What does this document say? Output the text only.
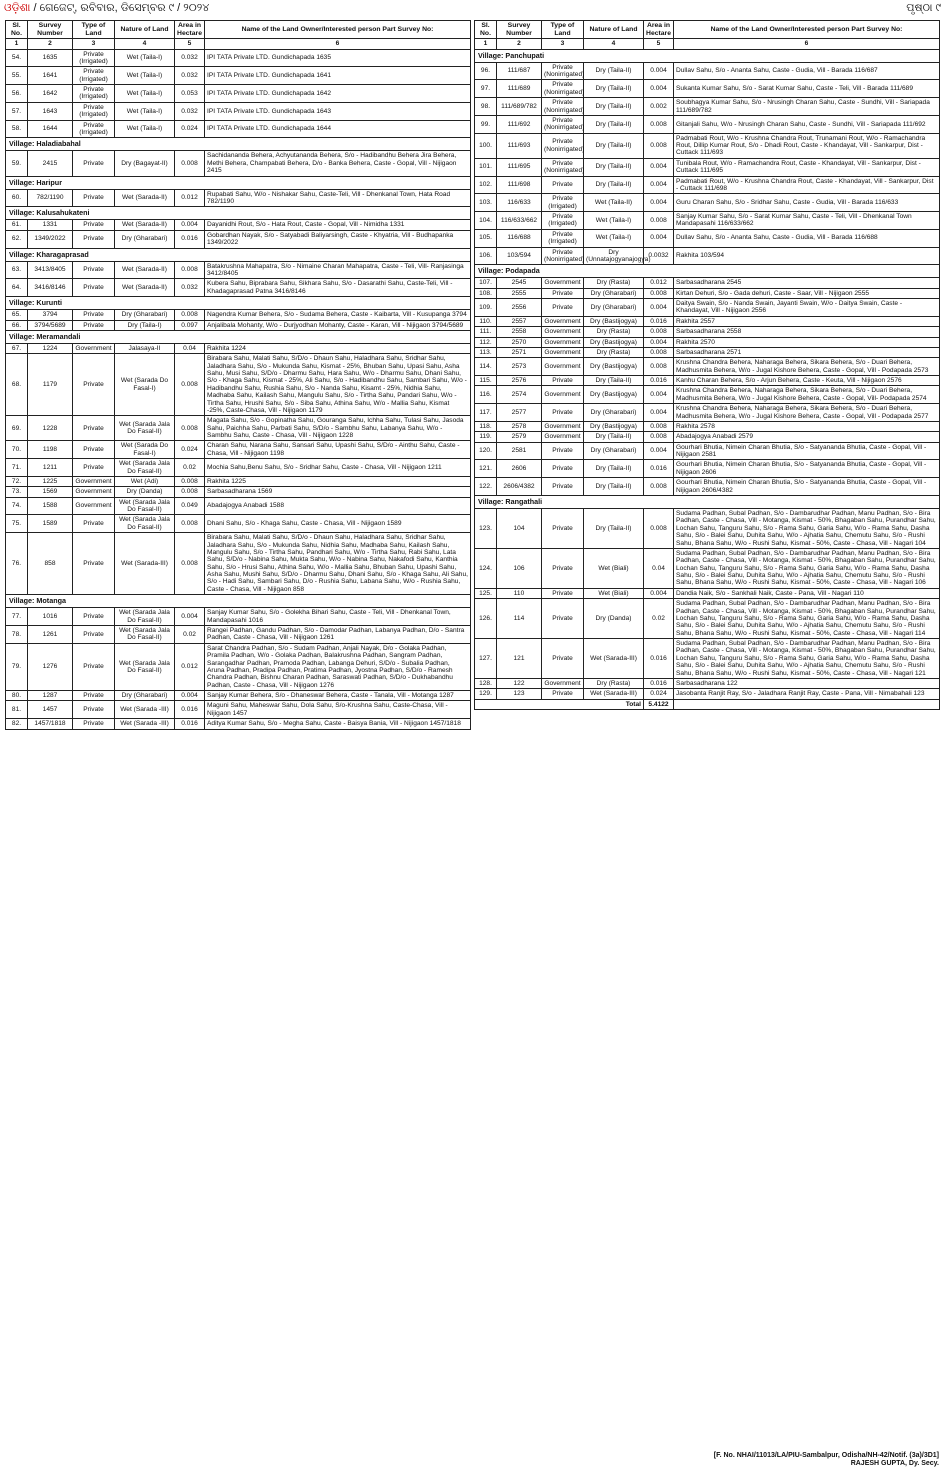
ଓଡ଼ିଶା / ଗେଜେଟ୍, ରବିବାର, ଡିସେମ୍ବର ୯ / ୨୦୨୪	ପୃଷ୍ଠା ୯
Sl. No.	Survey Number	Type of Land	Nature of Land	Area in Hectare	Name of the Land Owner/Interested person Part Survey No:
1	2	3	4	5	6
54.	1635	Private (Irrigated)	Wet (Taila-I)	0.032	IPI TATA Private LTD. Gundichapada 1635
55.	1641	Private (Irrigated)	Wet (Taila-I)	0.032	IPI TATA Private LTD. Gundichapada 1641
56.	1642	Private (Irrigated)	Wet (Taila-I)	0.053	IPI TATA Private LTD. Gundichapada 1642
57.	1643	Private (Irrigated)	Wet (Taila-I)	0.032	IPI TATA Private LTD. Gundichapada 1643
58.	1644	Private (Irrigated)	Wet (Taila-I)	0.024	IPI TATA Private LTD. Gundichapada 1644
Village: Haladiabahal					
59.	2415	Private	Dry (Bagayat-II)	0.008	Sachidananda Behera, Achyutananda Behera, S/o - Hadibandhu Behera Jira Behera, Methi Behera, Champabati Behera, D/o - Banka Behera, Caste - Gopal, Vill - Nijigaon 2415
Village: Haripur					
60.	782/1190	Private	Wet (Sarada-II)	0.012	Rupabati Sahu, W/o - Nishakar Sahu, Caste-Teli, Vill - Dhenkanal Town, Hata Road 782/1190
Village: Kalusahukateni					
61.	1331	Private	Wet (Sarada-II)	0.004	Dayanidhi Rout, S/o - Hata Rout, Caste - Gopal, Vill - Nimidha 1331
62.	1349/2022	Private	Dry (Gharabari)	0.016	Gobardhan Nayak, S/o - Satyabadi Baliyarsingh, Caste - Khyatria, Vill - Budhapanka 1349/2022
Village: Kharagaprasad					
63.	3413/8405	Private	Wet (Sarada-II)	0.008	Batakrushna Mahapatra, S/o - Nimaine Charan Mahapatra, Caste - Teli, Vill- Ranjasinga 3412/8405
64.	3416/8146	Private	Wet (Sarada-II)	0.032	Kubera Sahu, Biprabara Sahu, Sikhara Sahu, S/o - Dasarathi Sahu, Caste-Teli, Vill - Khadagaprasad Patna 3416/8146
Village: Kurunti					
65.	3794	Private	Dry (Gharabari)	0.008	Nagendra Kumar Behera, S/o - Sudama Behera, Caste - Kaibarta, Vill - Kusupanga 3794
66.	3794/5689	Private	Dry (Taila-I)	0.097	Anjalibala Mohanty, W/o - Durjyodhan Mohanty, Caste - Karan, Vill - Nijigaon 3794/5689
Village: Meramandali					
67.	1224	Government	Jalasaya-II	0.04	Rakhita 1224
68.	1179	Private	Wet (Sarada Do Fasal-I)	0.008	Birabara Sahu, Malati Sahu, S/D/o - Dhaun Sahu, Haladhara Sahu, Sridhar Sahu, Jaladhara Sahu, S/o - Mukunda Sahu, Kismat - 25%, Bhuban Sahu, Upasi Sahu, Asha Sahu, Musi Sahu, S/D/o - Dharmu Sahu, Hara Sahu, W/o - Dharmu Sahu, Dhani Sahu, S/o - Khaga Sahu, Kismat - 25%, Ali Sahu, S/o - Hadibandhu Sahu, Sambari Sahu, W/o - Hadibandhu Sahu, Rushia Sahu, S/o - Nanda Sahu, Kisamt - 25%, Nidhia Sahu, Madhaba Sahu, Kailash Sahu, Mangulu Sahu, S/o - Tirtha Sahu, Pandari Sahu, W/o - Tirtha Sahu, Hrushi Sahu, S/o - Siba Sahu, Athina Sahu, W/o - Mallia Sahu, Kismat -25%, Caste-Chasa, Vill - Nijigaon 1179
69.	1228	Private	Wet (Sarada Jala Do Fasal-II)	0.008	Magata Sahu, S/o - Gopinatha Sahu, Gouranga Sahu, Ichha Sahu, Tulasi Sahu, Jasoda Sahu, Paichha Sahu, Parbati Sahu, S/D/o - Sambhu Sahu, Labanya Sahu, W/o - Sambhu Sahu, Caste - Chasa, Vill - Nijigaon 1228
70.	1198	Private	Wet (Sarada Do Fasal-I)	0.024	Charan Sahu, Narana Sahu, Sansari Sahu, Upashi Sahu, S/D/o - Ainthu Sahu, Caste - Chasa, Vill - Nijigaon 1198
71.	1211	Private	Wet (Sarada Jala Do Fasal-II)	0.02	Mochia Sahu,Benu Sahu, S/o - Sridhar Sahu, Caste - Chasa, Vill - Nijigaon 1211
72.	1225	Government	Wet (Adi)	0.008	Rakhita 1225
73.	1569	Government	Dry (Danda)	0.008	Sarbasadharana 1569
74.	1588	Government	Wet (Sarada Jala Do Fasal-II)	0.049	Abadajogya Anabadi 1588
75.	1589	Private	Wet (Sarada Jala Do Fasal-II)	0.008	Dhani Sahu, S/o - Khaga Sahu, Caste - Chasa, Vill - Nijigaon 1589
76.	858	Private	Wet (Sarada-III)	0.008	Birabara Sahu, Malati Sahu, S/D/o - Dhaun Sahu, Haladhara Sahu, Sridhar Sahu, Jaladhara Sahu, S/o - Mukunda Sahu, Nidhia Sahu, Madhaba Sahu, Kailash Sahu, Mangulu Sahu, S/o - Tirtha Sahu, Pandhari Sahu, W/o - Tirtha Sahu, Rabi Sahu, Lata Sahu, S/D/o - Nabina Sahu, Mukta Sahu, W/o - Nabina Sahu, Nakafodi Sahu, Kanthia Sahu, S/o - Hrusi Sahu, Athina Sahu, W/o - Mallia Sahu, Bhuban Sahu, Upashi Sahu, Asha Sahu, Mushi Sahu, S/D/o - Dharmu Sahu, Dhani Sahu, S/o - Khaga Sahu, Ali Sahu, S/o - Hadi Sahu, Sambari Sahu, D/o - Rushia Sahu, Labana Sahu, W/o - Rushia Sahu, Caste - Chasa, Vill - Nijigaon 858
Village: Motanga					
77.	1016	Private	Wet (Sarada Jala Do Fasal-II)	0.004	Sanjay Kumar Sahu, S/o - Golekha Bihari Sahu, Caste - Teli, Vill - Dhenkanal Town, Mandapasahi 1016
78.	1261	Private	Wet (Sarada Jala Do Fasal-II)	0.02	Rangei Padhan, Gandu Padhan, S/o - Damodar Padhan, Labanya Padhan, D/o - Santra Padhan, Caste - Chasa, Vill - Nijigaon 1261
79.	1276	Private	Wet (Sarada Jala Do Fasal-II)	0.012	Sarat Chandra Padhan, S/o - Sudam Padhan, Anjali Nayak, D/o - Golaka Padhan, Pramila Padhan, W/o - Golaka Padhan, Balakrushna Padhan, Sangram Padhan, Sarangadhar Padhan, Pramoda Padhan, Labanga Dehuri, S/D/o - Subalia Padhan, Aruna Padhan, Pradipa Padhan, Pratima Padhan, Jyostna Padhan, S/D/o - Ramesh Chandra Padhan, Bishnu Charan Padhan, Saraswati Padhan, S/D/o - Dukhabandhu Padhan, Caste - Chasa, Vill - Nijigaon 1276
80.	1287	Private	Dry (Gharabari)	0.004	Sanjay Kumar Behera, S/o - Dhaneswar Behera, Caste - Tanala, Vill - Motanga 1287
81.	1457	Private	Wet (Sarada -III)	0.016	Maguni Sahu, Maheswar Sahu, Dola Sahu, S/o-Krushna Sahu, Caste-Chasa, Vill - Nijigaon 1457
82.	1457/1818	Private	Wet (Sarada -III)	0.016	Aditya Kumar Sahu, S/o - Megha Sahu, Caste - Baisya Bania, Vill - Nijigaon 1457/1818
Sl. No.	Survey Number	Type of Land	Nature of Land	Area in Hectare	Name of the Land Owner/Interested person Part Survey No:
1	2	3	4	5	6
Village: Panchupati					
96.	111/687	Private (Nonirrigated)	Dry (Taila-II)	0.004	Dullav Sahu, S/o - Ananta Sahu, Caste - Gudia, Vill - Barada 116/687
97.	111/689	Private (Nonirrigated)	Dry (Taila-II)	0.004	Sukanta Kumar Sahu, S/o - Sarat Kumar Sahu, Caste - Teli, Vill - Barada 111/689
98.	111/689/782	Private (Nonirrigated)	Dry (Taila-II)	0.002	Soubhagya Kumar Sahu, S/o - Nrusingh Charan Sahu, Caste - Sundhi, Vill - Sariapada 111/689/782
99.	111/692	Private (Nonirrigated)	Dry (Taila-II)	0.008	Gitanjali Sahu, W/o - Nrusingh Charan Sahu, Caste - Sundhi, Vill - Sariapada 111/692
100.	111/693	Private (Nonirrigated)	Dry (Taila-II)	0.008	Padmabati Rout, W/o - Krushna Chandra Rout, Trunamani Rout, W/o - Ramachandra Rout, Dillip Kumar Rout, S/o - Dhadi Rout, Caste - Khandayat, Vill - Sankarpur, Dist - Cuttack 111/693
101.	111/695	Private (Nonirrigated)	Dry (Taila-II)	0.004	Tunibala Rout, W/o - Ramachandra Rout, Caste - Khandayat, Vill - Sankarpur, Dist - Cuttack 111/695
102.	111/698	Private	Dry (Taila-II)	0.004	Padmabati Rout, W/o - Krushna Chandra Rout, Caste - Khandayat, Vill - Sankarpur, Dist - Cuttack 111/698
103.	116/633	Private (Irrigated)	Wet (Taila-II)	0.004	Guru Charan Sahu, S/o - Sridhar Sahu, Caste - Gudia, Vill - Barada 116/633
104.	116/633/662	Private (Irrigated)	Wet (Taila-I)	0.008	Sanjay Kumar Sahu, S/o - Sarat Kumar Sahu, Caste - Teli, Vill - Dhenkanal Town Mandapasahi 116/633/662
105.	116/688	Private (Irrigated)	Wet (Taila-I)	0.004	Dullav Sahu, S/o - Ananta Sahu, Caste - Gudia, Vill - Barada 116/688
106.	103/594	Private (Nonirrigated)	Dry (Unnatajogyanajogya)	0.0032	Rakhita 103/594
Village: Podapada					
107.	2545	Government	Dry (Rasta)	0.012	Sarbasadharana 2545
108.	2555	Private	Dry (Gharabari)	0.008	Kirtan Dehuri, S/o - Gada dehuri, Caste - Saar, Vill - Nijigaon 2555
109.	2556	Private	Dry (Gharabari)	0.004	Daitya Swain, S/o - Nanda Swain, Jayanti Swain, W/o - Daitya Swain, Caste - Khandayat, Vill - Nijigaon 2556
110.	2557	Government	Dry (Bastijogya)	0.016	Rakhita 2557
111.	2558	Government	Dry (Rasta)	0.008	Sarbasadharana 2558
112.	2570	Government	Dry (Bastijogya)	0.004	Rakhita 2570
113.	2571	Government	Dry (Rasta)	0.008	Sarbasadharana 2571
114.	2573	Government	Dry (Bastijogya)	0.008	Krushna Chandra Behera, Naharaga Behera, Sikara Behera, S/o - Duari Behera, Madhusmita Behera, W/o - Jugal Kishore Behera, Caste - Gopal, Vill - Podapada 2573
115.	2576	Private	Dry (Taila-II)	0.016	Kanhu Charan Behera, S/o - Arjun Behera, Caste - Keuta, Vill - Nijigaon 2576
116.	2574	Government	Dry (Bastijogya)	0.004	Krushna Chandra Behera, Naharaga Behera, Sikara Behera, S/o - Duari Behera, Madhusmita Behera, W/o - Jugal Kishore Behera, Caste - Gopal, Vill- Podapada 2574
117.	2577	Private	Dry (Gharabari)	0.004	Krushna Chandra Behera, Naharaga Behera, Sikara Behera, S/o - Duari Behera, Madhusmita Behera, W/o - Jugal Kishore Behera, Caste - Gopal, Vill - Podapada 2577
118.	2578	Government	Dry (Bastijogya)	0.008	Rakhita 2578
119.	2579	Government	Dry (Taila-II)	0.008	Abadajogya Anabadi 2579
120.	2581	Private	Dry (Gharabari)	0.004	Gourhari Bhutia, Nimein Charan Bhutia, S/o - Satyananda Bhutia, Caste - Gopal, Vill - Nijigaon 2581
121.	2606	Private	Dry (Taila-II)	0.016	Gourhari Bhutia, Nimein Charan Bhutia, S/o - Satyananda Bhutia, Caste - Gopal, Vill - Nijigaon 2606
122.	2606/4382	Private	Dry (Taila-II)	0.008	Gourhari Bhutia, Nimein Charan Bhutia, S/o - Satyananda Bhutia, Caste - Gopal, Vill - Nijigaon 2606/4382
Village: Rangathali					
123.	104	Private	Dry (Taila-II)	0.008	Sudama Padhan, Subal Padhan, S/o - Dambarudhar Padhan, Manu Padhan, S/o - Bira Padhan, Caste - Chasa, Vill - Motanga, Kismat - 50%, Bhagaban Sahu, Purandhar Sahu, Lochan Sahu, Tanguru Sahu, S/o - Rama Sahu, Garia Sahu, W/o - Rama Sahu, Dasha Sahu, S/o - Balei Sahu, Duhita Sahu, W/o - Ajhatia Sahu, Chemutu Sahu, S/o - Rushi Sahu, Bhana Sahu, W/o - Rushi Sahu, Kismat - 50%, Caste - Chasa, Vill - Nagari 104
124.	106	Private	Wet (Biali)	0.04	Sudama Padhan, Subal Padhan, S/o - Dambarudhar Padhan, Manu Padhan, S/o - Bira Padhan, Caste - Chasa, Vill - Motanga, Kismat - 50%, Bhagaban Sahu, Purandhar Sahu, Lochan Sahu, Tanguru Sahu, S/o - Rama Sahu, Garia Sahu, W/o - Rama Sahu, Dasha Sahu, S/o - Balei Sahu, Duhita Sahu, W/o - Ajhatia Sahu, Chemutu Sahu, S/o - Rushi Sahu, Bhana Sahu, W/o - Rushi Sahu, Kismat - 50%, Caste - Chasa, Vill - Nagari 106
125.	110	Private	Wet (Biali)	0.004	Dandia Naik, S/o - Sankhali Naik, Caste - Pana, Vill - Nagari 110
126.	114	Private	Dry (Danda)	0.02	Sudama Padhan, Subal Padhan, S/o - Dambarudhar Padhan, Manu Padhan, S/o - Bira Padhan, Caste - Chasa, Vill - Motanga, Kismat - 50%, Bhagaban Sahu, Purandhar Sahu, Lochan Sahu, Tanguru Sahu, S/o - Rama Sahu, Garia Sahu, W/o - Rama Sahu, Dasha Sahu, S/o - Balei Sahu, Duhita Sahu, W/o - Ajhatia Sahu, Chemutu Sahu, S/o - Rushi Sahu, Bhana Sahu, W/o - Rushi Sahu, Kismat - 50%, Caste - Chasa, Vill - Nagari 114
127.	121	Private	Wet (Sarada-III)	0.016	Sudama Padhan, Subal Padhan, S/o - Dambarudhar Padhan, Manu Padhan, S/o - Bira Padhan, Caste - Chasa, Vill - Motanga, Kismat - 50%, Bhagaban Sahu, Purandhar Sahu, Lochan Sahu, Tanguru Sahu, S/o - Rama Sahu, Garia Sahu, W/o - Rama Sahu, Dasha Sahu, S/o - Balei Sahu, Duhita Sahu, W/o - Ajhatia Sahu, Chemutu Sahu, S/o - Rushi Sahu, Bhana Sahu, W/o - Rushi Sahu, Kismat - 50%, Caste - Chasa, Vill - Nagari 121
128.	122	Government	Dry (Rasta)	0.016	Sarbasadharana 122
129.	123	Private	Wet (Sarada-III)	0.024	Jasobanta Ranjit Ray, S/o - Jaladhara Ranjit Ray, Caste - Pana, Vill - Nimabahali 123
Total				5.4122	
[F. No. NHAI/11013/LA/PIU-Sambalpur, Odisha/NH-42/Notif. (3a)/3D1]
RAJESH GUPTA, Dy. Secy.
